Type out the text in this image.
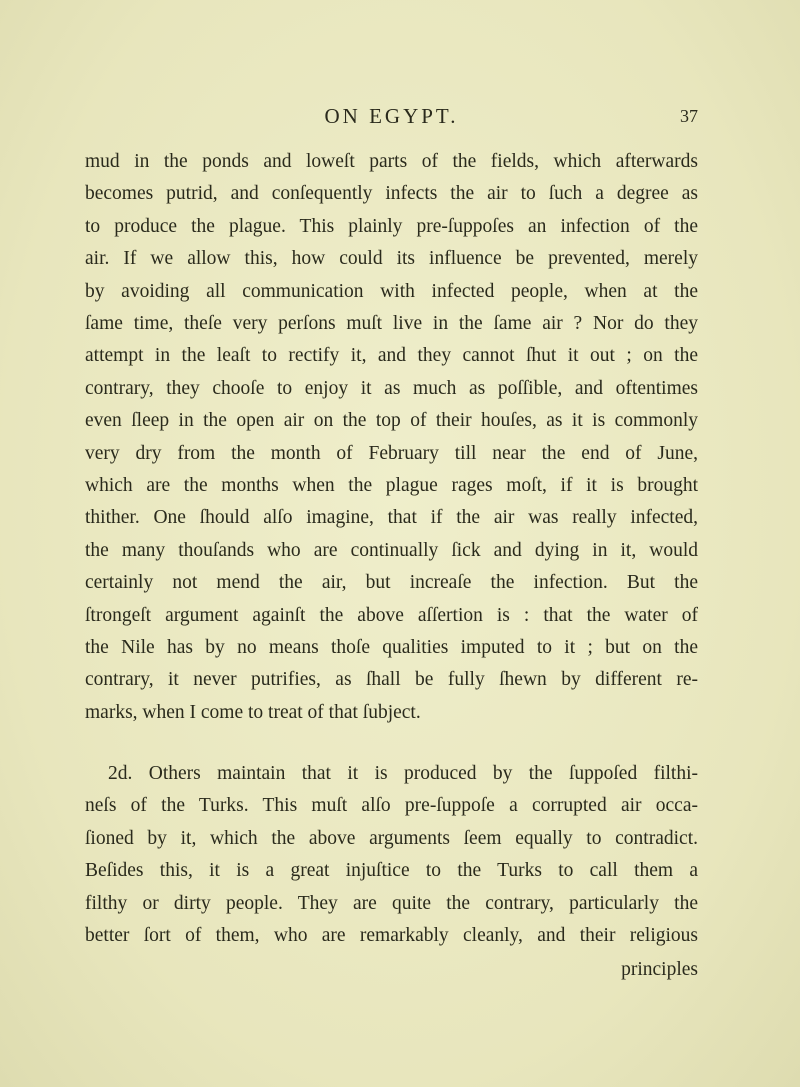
ON EGYPT.	37
mud in the ponds and loweſt parts of the fields, which afterwards
becomes putrid, and conſequently infects the air to ſuch a degree as
to produce the plague. This plainly pre-ſuppoſes an infection of the
air. If we allow this, how could its influence be prevented, merely
by avoiding all communication with infected people, when at the
ſame time, theſe very perſons muſt live in the ſame air ? Nor do they
attempt in the leaſt to rectify it, and they cannot ſhut it out ; on the
contrary, they chooſe to enjoy it as much as poſſible, and oftentimes
even ſleep in the open air on the top of their houſes, as it is commonly
very dry from the month of February till near the end of June,
which are the months when the plague rages moſt, if it is brought
thither. One ſhould alſo imagine, that if the air was really infected,
the many thouſands who are continually ſick and dying in it, would
certainly not mend the air, but increaſe the infection. But the
ſtrongeſt argument againſt the above aſſertion is : that the water of
the Nile has by no means thoſe qualities imputed to it ; but on the
contrary, it never putrifies, as ſhall be fully ſhewn by different re-
marks, when I come to treat of that ſubject.
2d. Others maintain that it is produced by the ſuppoſed filthi-
neſs of the Turks. This muſt alſo pre-ſuppoſe a corrupted air occa-
ſioned by it, which the above arguments ſeem equally to contradict.
Beſides this, it is a great injuſtice to the Turks to call them a
filthy or dirty people. They are quite the contrary, particularly the
better ſort of them, who are remarkably cleanly, and their religious
principles
